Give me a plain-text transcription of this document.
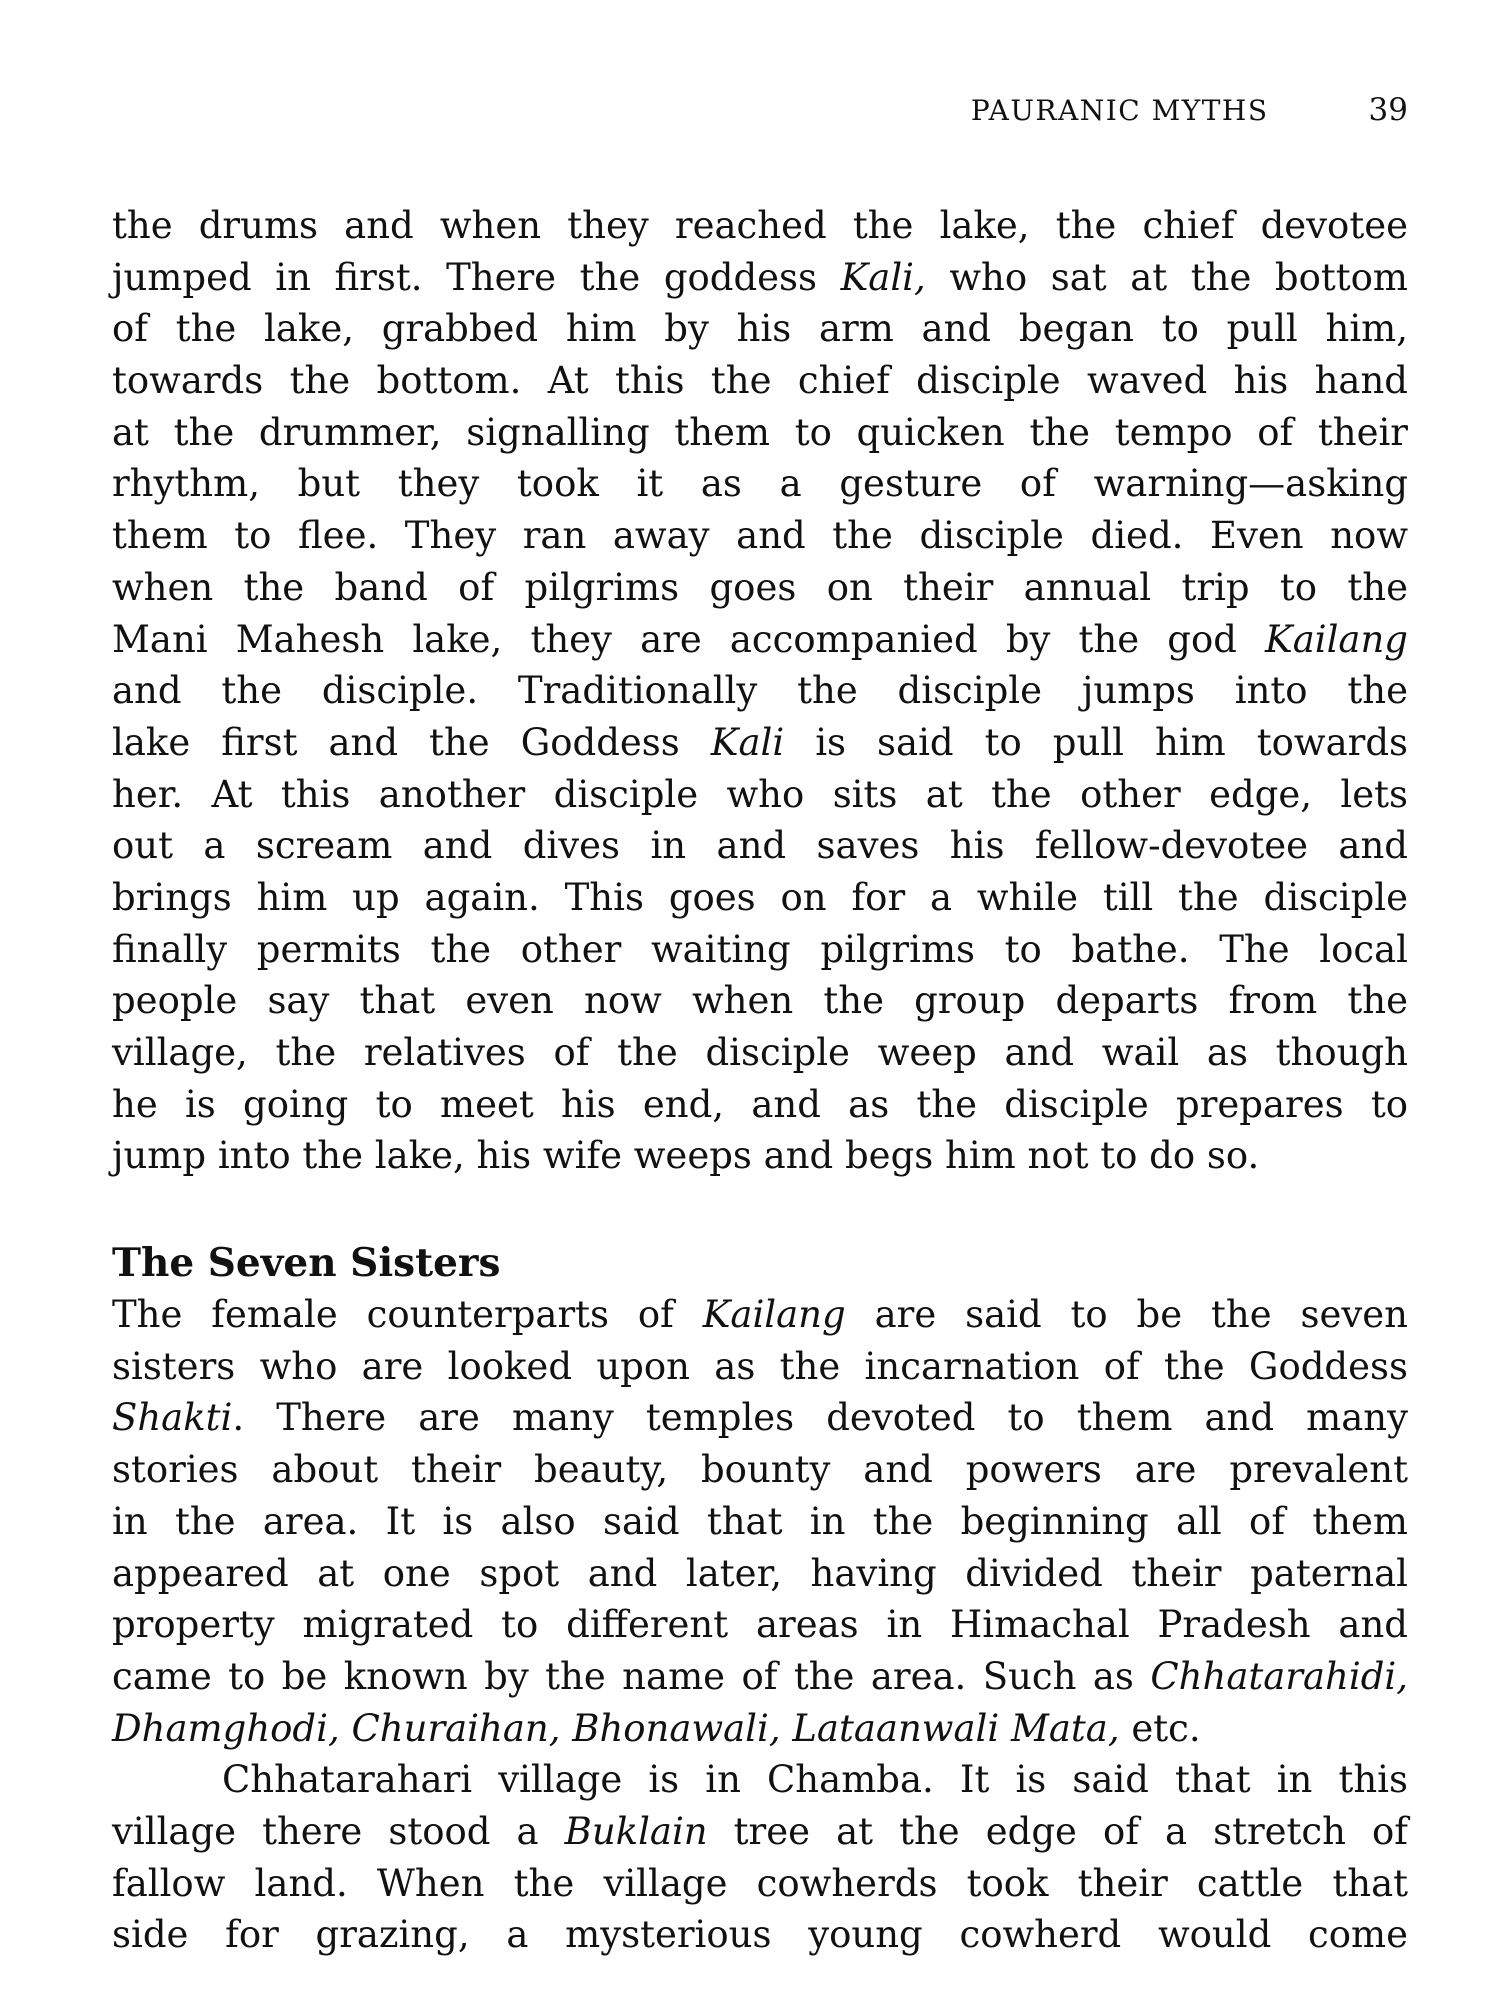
PAURANIC MYTHS	39
the drums and when they reached the lake, the chief devotee
jumped in first. There the goddess Kali, who sat at the bottom
of the lake, grabbed him by his arm and began to pull him,
towards the bottom. At this the chief disciple waved his hand
at the drummer, signalling them to quicken the tempo of their
rhythm, but they took it as a gesture of warning—asking
them to flee. They ran away and the disciple died. Even now
when the band of pilgrims goes on their annual trip to the
Mani Mahesh lake, they are accompanied by the god Kailang
and the disciple. Traditionally the disciple jumps into the
lake first and the Goddess Kali is said to pull him towards
her. At this another disciple who sits at the other edge, lets
out a scream and dives in and saves his fellow-devotee and
brings him up again. This goes on for a while till the disciple
finally permits the other waiting pilgrims to bathe. The local
people say that even now when the group departs from the
village, the relatives of the disciple weep and wail as though
he is going to meet his end, and as the disciple prepares to
jump into the lake, his wife weeps and begs him not to do so.
The Seven Sisters
The female counterparts of Kailang are said to be the seven
sisters who are looked upon as the incarnation of the Goddess
Shakti. There are many temples devoted to them and many
stories about their beauty, bounty and powers are prevalent
in the area. It is also said that in the beginning all of them
appeared at one spot and later, having divided their paternal
property migrated to different areas in Himachal Pradesh and
came to be known by the name of the area. Such as Chhatarahidi,
Dhamghodi, Churaihan, Bhonawali, Lataanwali Mata, etc.
Chhatarahari village is in Chamba. It is said that in this
village there stood a Buklain tree at the edge of a stretch of
fallow land. When the village cowherds took their cattle that
side for grazing, a mysterious young cowherd would come
